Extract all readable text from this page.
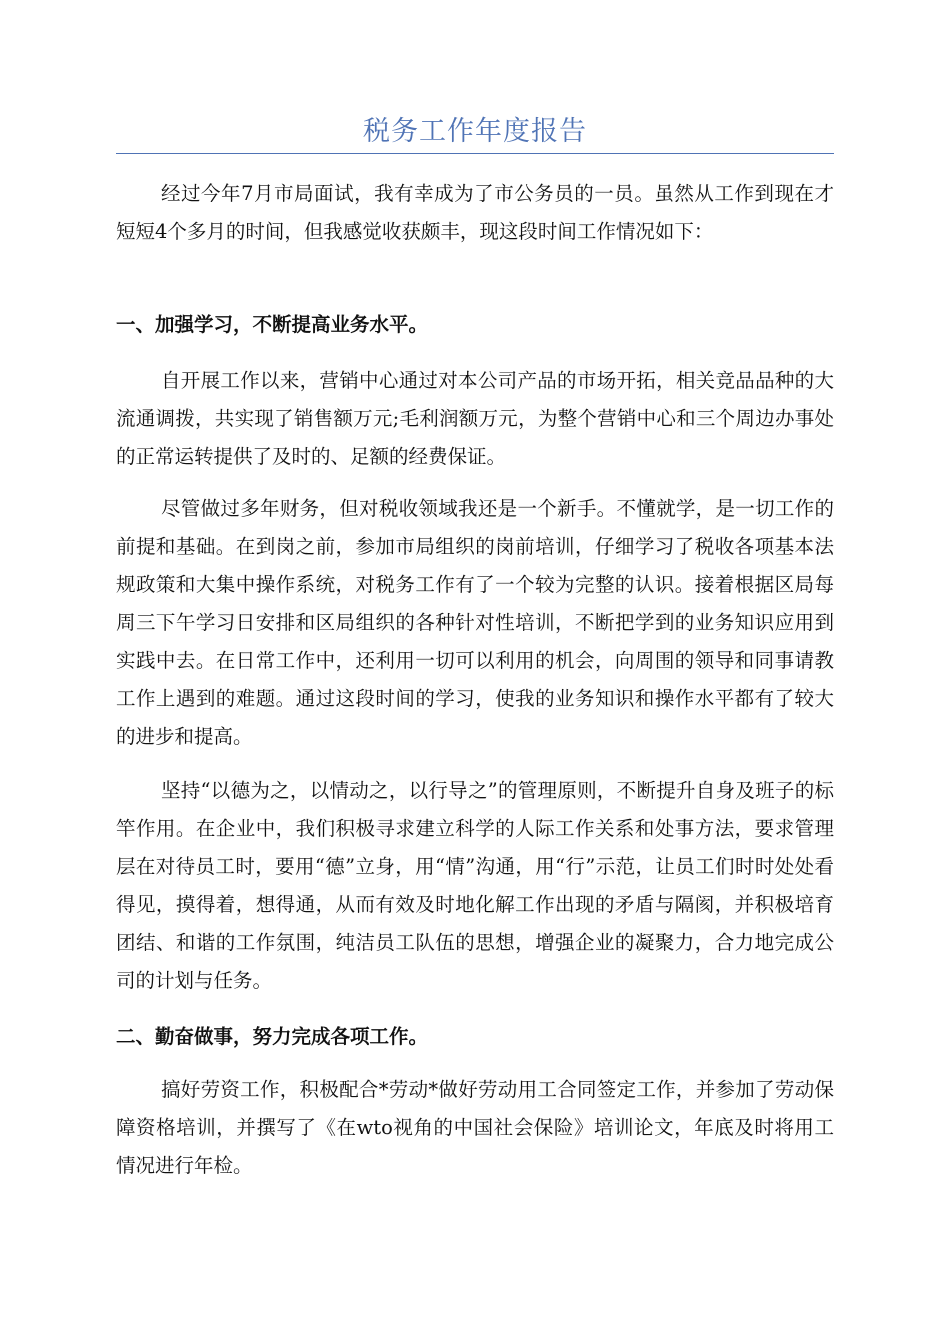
税务工作年度报告

经过今年7月市局面试，我有幸成为了市公务员的一员。虽然从工作到现在才短短4个多月的时间，但我感觉收获颇丰，现这段时间工作情况如下：

一、加强学习，不断提高业务水平。

自开展工作以来，营销中心通过对本公司产品的市场开拓，相关竞品品种的大流通调拨，共实现了销售额万元;毛利润额万元，为整个营销中心和三个周边办事处的正常运转提供了及时的、足额的经费保证。

尽管做过多年财务，但对税收领域我还是一个新手。不懂就学，是一切工作的前提和基础。在到岗之前，参加市局组织的岗前培训，仔细学习了税收各项基本法规政策和大集中操作系统，对税务工作有了一个较为完整的认识。接着根据区局每周三下午学习日安排和区局组织的各种针对性培训，不断把学到的业务知识应用到实践中去。在日常工作中，还利用一切可以利用的机会，向周围的领导和同事请教工作上遇到的难题。通过这段时间的学习，使我的业务知识和操作水平都有了较大的进步和提高。

坚持“以德为之，以情动之，以行导之”的管理原则，不断提升自身及班子的标竿作用。在企业中，我们积极寻求建立科学的人际工作关系和处事方法，要求管理层在对待员工时，要用“德”立身，用“情”沟通，用“行”示范，让员工们时时处处看得见，摸得着，想得通，从而有效及时地化解工作出现的矛盾与隔阂，并积极培育团结、和谐的工作氛围，纯洁员工队伍的思想，增强企业的凝聚力，合力地完成公司的计划与任务。

二、勤奋做事，努力完成各项工作。

搞好劳资工作，积极配合*劳动*做好劳动用工合同签定工作，并参加了劳动保障资格培训，并撰写了《在wto视角的中国社会保险》培训论文，年底及时将用工情况进行年检。
